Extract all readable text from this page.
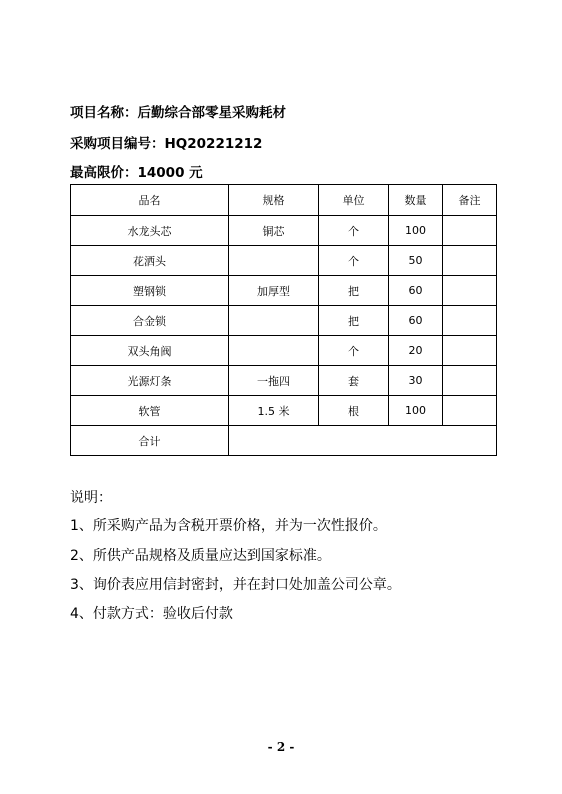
项目名称：后勤综合部零星采购耗材
采购项目编号：HQ20221212
最高限价：14000 元
品名	规格	单位	数量	备注
水龙头芯	铜芯	个	100	
花洒头		个	50	
塑钢锁	加厚型	把	60	
合金锁		把	60	
双头角阀		个	20	
光源灯条	一拖四	套	30	
软管	1.5 米	根	100	
合计				
说明：
1、所采购产品为含税开票价格，并为一次性报价。
2、所供产品规格及质量应达到国家标准。
3、询价表应用信封密封，并在封口处加盖公司公章。
4、付款方式：验收后付款
- 2 -
